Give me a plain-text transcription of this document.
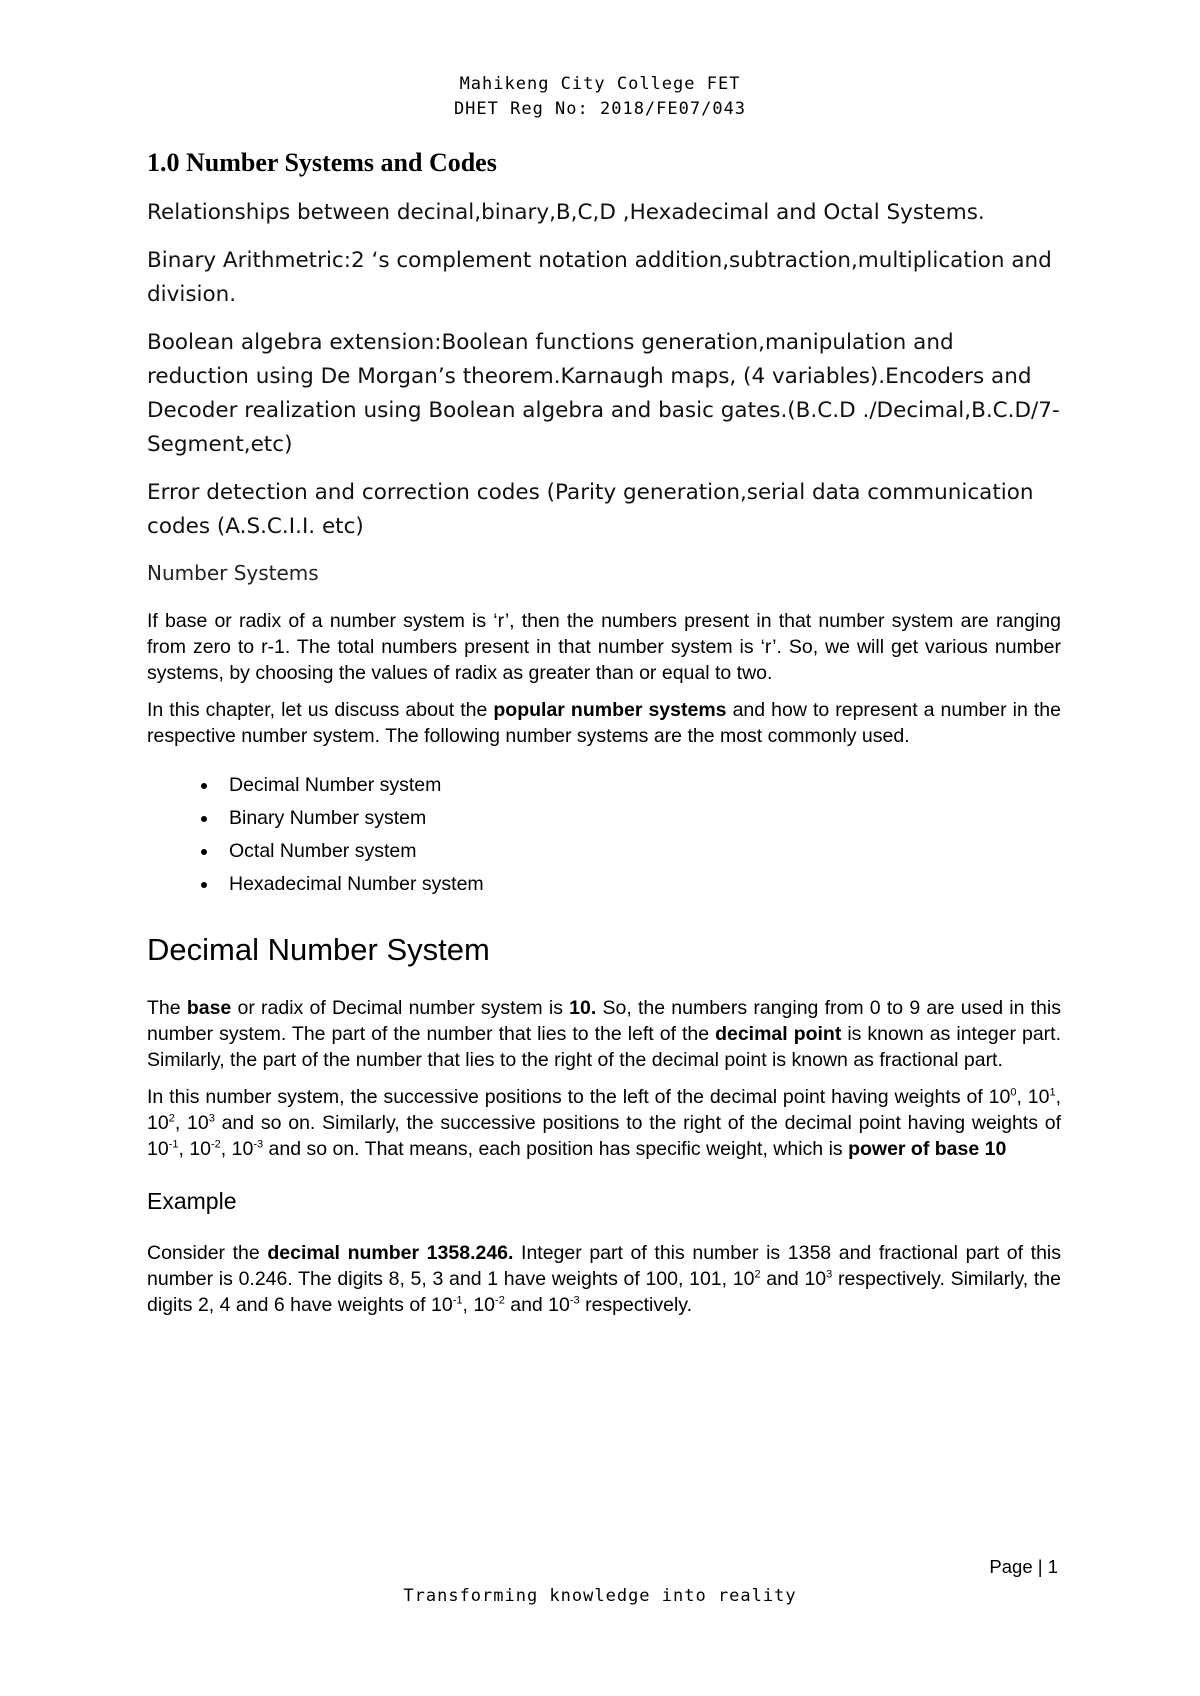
Mahikeng City College FET
DHET Reg No: 2018/FE07/043
1.0 Number Systems and Codes

Relationships between decinal,binary,B,C,D ,Hexadecimal and Octal Systems.

Binary Arithmetric:2 ‘s complement notation addition,subtraction,multiplication and division.

Boolean algebra extension:Boolean functions generation,manipulation and reduction using De Morgan’s theorem.Karnaugh maps, (4 variables).Encoders and Decoder realization using Boolean algebra and basic gates.(B.C.D ./Decimal,B.C.D/7-Segment,etc)

Error detection and correction codes (Parity generation,serial data communication codes (A.S.C.I.I. etc)

Number Systems

If base or radix of a number system is ‘r’, then the numbers present in that number system are ranging from zero to r-1. The total numbers present in that number system is ‘r’. So, we will get various number systems, by choosing the values of radix as greater than or equal to two.

In this chapter, let us discuss about the popular number systems and how to represent a number in the respective number system. The following number systems are the most commonly used.

• Decimal Number system
• Binary Number system
• Octal Number system
• Hexadecimal Number system
Decimal Number System

The base or radix of Decimal number system is 10. So, the numbers ranging from 0 to 9 are used in this number system. The part of the number that lies to the left of the decimal point is known as integer part. Similarly, the part of the number that lies to the right of the decimal point is known as fractional part.

In this number system, the successive positions to the left of the decimal point having weights of $10^0$, $10^1$, $10^2$, $10^3$ and so on. Similarly, the successive positions to the right of the decimal point having weights of $10^{-1}$, $10^{-2}$, $10^{-3}$ and so on. That means, each position has specific weight, which is power of base 10

Example

Consider the decimal number 1358.246. Integer part of this number is 1358 and fractional part of this number is 0.246. The digits 8, 5, 3 and 1 have weights of 100, 101, $10^2$ and $10^3$ respectively. Similarly, the digits 2, 4 and 6 have weights of $10^{-1}$, $10^{-2}$ and $10^{-3}$ respectively.

Page | 1
Transforming knowledge into reality
